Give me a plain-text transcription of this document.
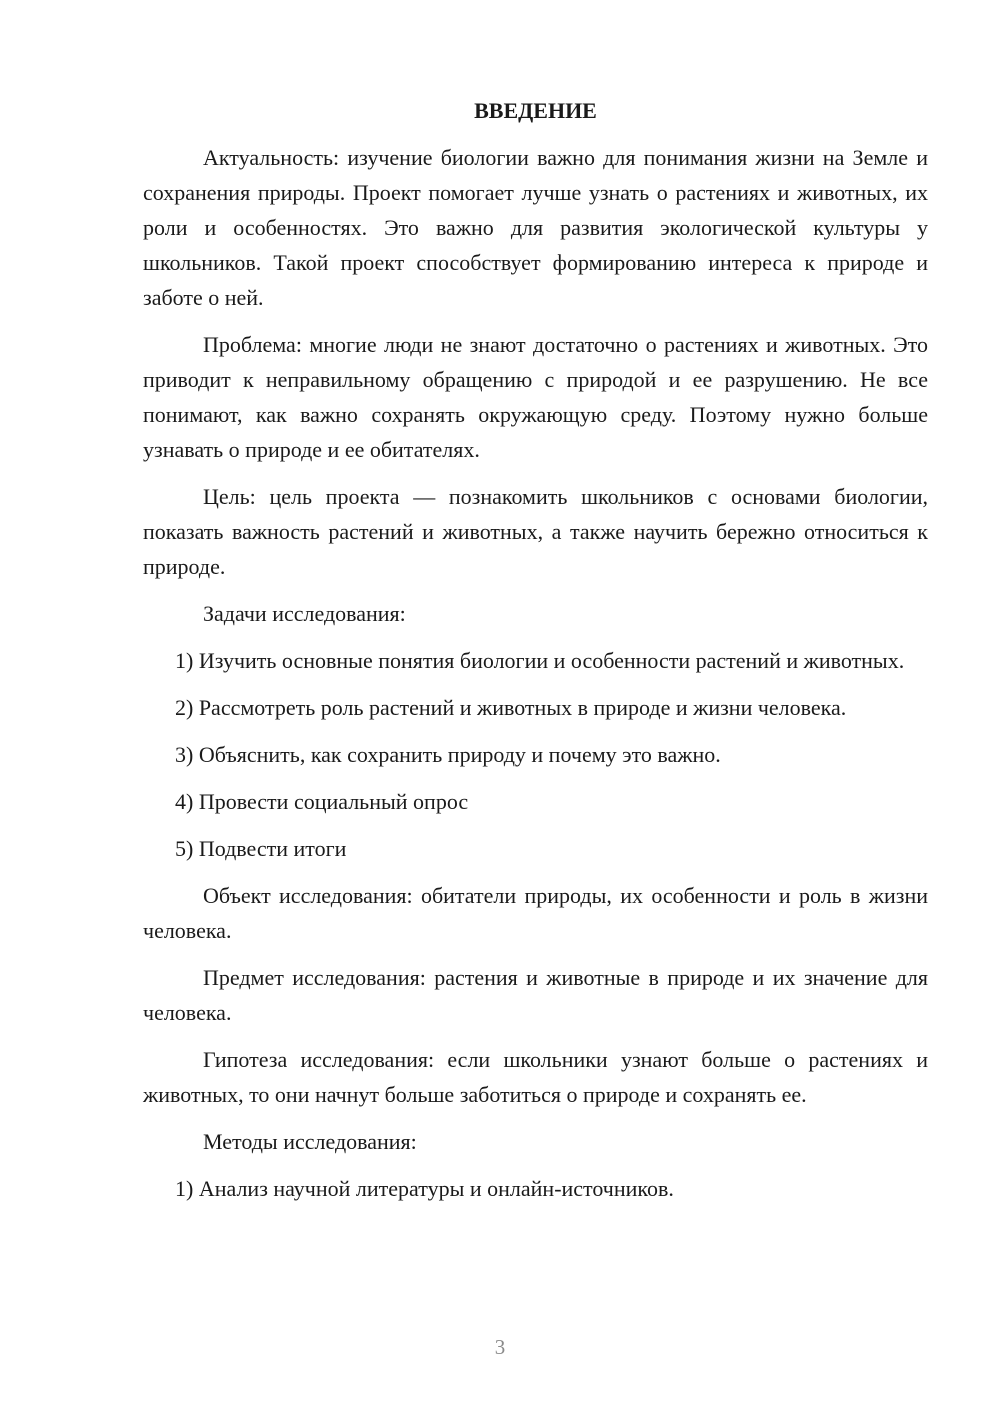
ВВЕДЕНИЕ

Актуальность: изучение биологии важно для понимания жизни на Земле и сохранения природы. Проект помогает лучше узнать о растениях и животных, их роли и особенностях. Это важно для развития экологической культуры у школьников. Такой проект способствует формированию интереса к природе и заботе о ней.

Проблема: многие люди не знают достаточно о растениях и животных. Это приводит к неправильному обращению с природой и ее разрушению. Не все понимают, как важно сохранять окружающую среду. Поэтому нужно больше узнавать о природе и ее обитателях.

Цель: цель проекта — познакомить школьников с основами биологии, показать важность растений и животных, а также научить бережно относиться к природе.

Задачи исследования:

1) Изучить основные понятия биологии и особенности растений и животных.

2) Рассмотреть роль растений и животных в природе и жизни человека.

3) Объяснить, как сохранить природу и почему это важно.

4) Провести социальный опрос

5) Подвести итоги

Объект исследования: обитатели природы, их особенности и роль в жизни человека.

Предмет исследования: растения и животные в природе и их значение для человека.

Гипотеза исследования: если школьники узнают больше о растениях и животных, то они начнут больше заботиться о природе и сохранять ее.

Методы исследования:

1) Анализ научной литературы и онлайн-источников.

3
